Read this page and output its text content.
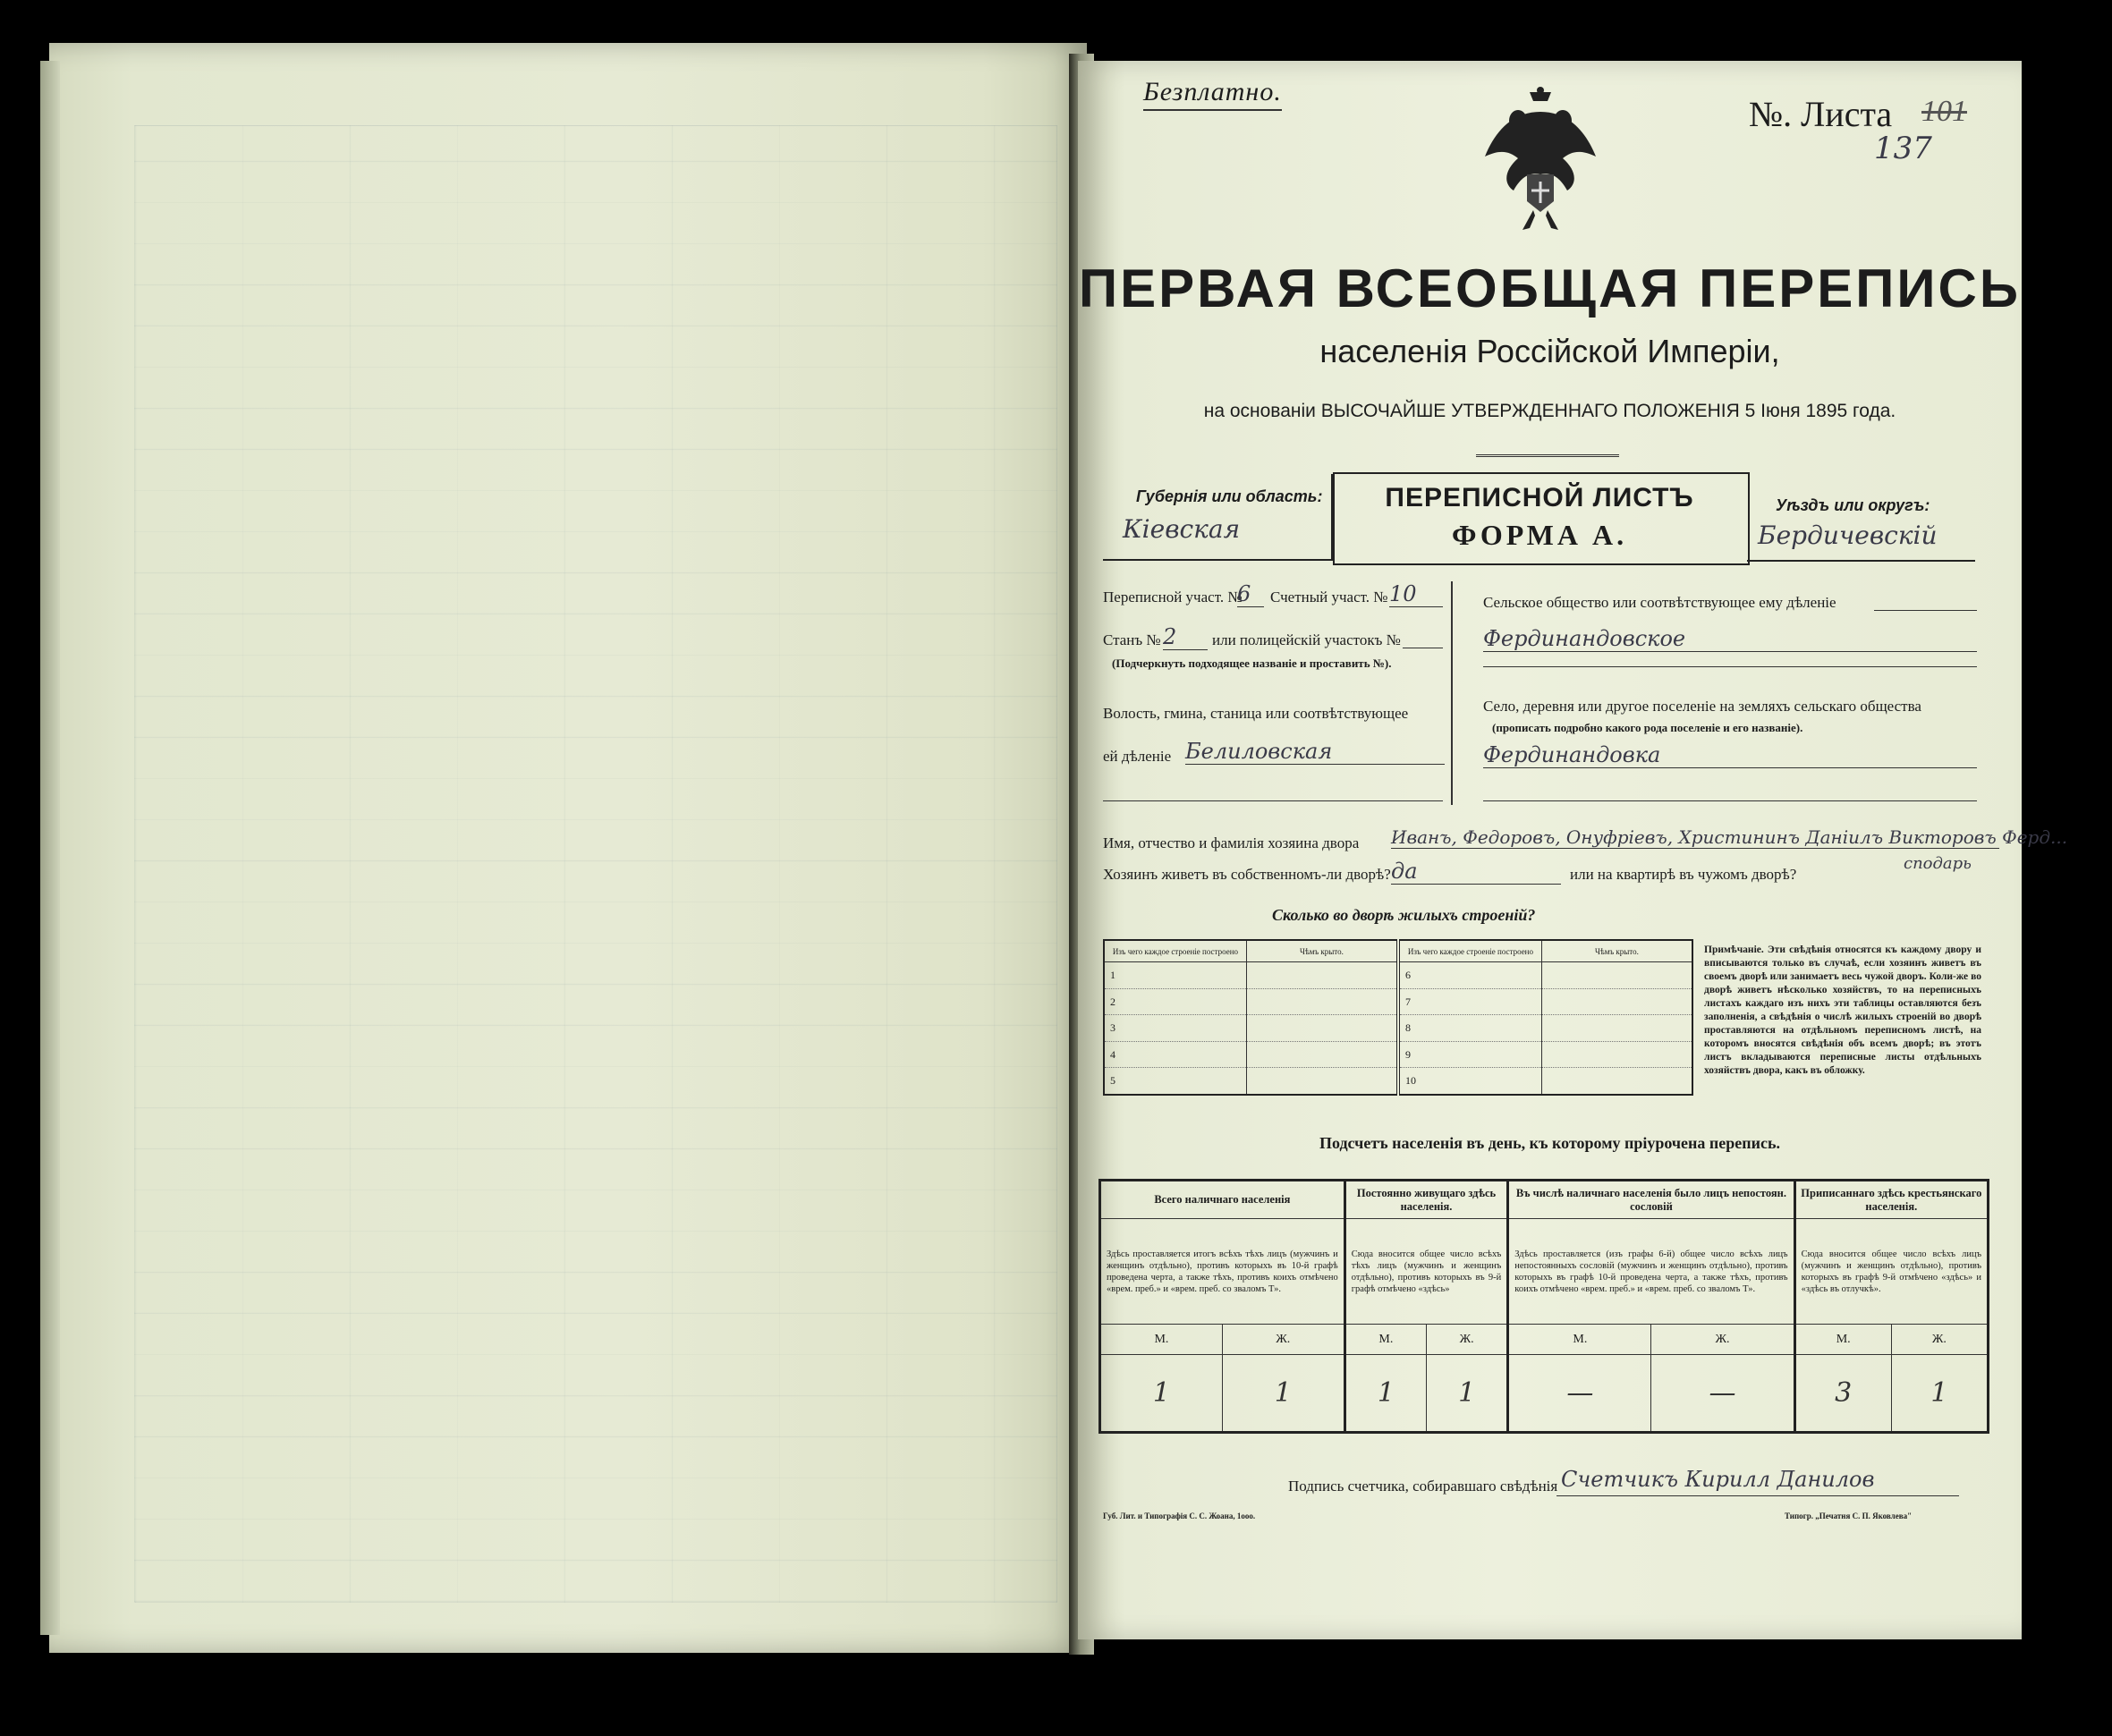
Безплатно.
№. Листа 101
137
ПЕРВАЯ ВСЕОБЩАЯ ПЕРЕПИСЬ
населенія Россійской Имперіи,
на основаніи ВЫСОЧАЙШЕ УТВЕРЖДЕННАГО ПОЛОЖЕНІЯ 5 Іюня 1895 года.
Губернія или область:
Кіевская
ПЕРЕПИСНОЙ ЛИСТЪ
ФОРМА А.
Уѣздъ или округъ:
Бердичевскій
Переписной участ. №
6	Счетный участ. № 10
Станъ № 2	или полицейскій участокъ №
(Подчеркнуть подходящее названіе и проставить №).
Волость, гмина, станица или соотвѣтствующее
ей дѣленіе Белиловская
Сельское общество или соотвѣтствующее ему дѣленіе
Фердинандовское
Село, деревня или другое поселеніе на земляхъ сельскаго общества
(прописать подробно какого рода поселеніе и его названіе).
Фердинандовка
Имя, отчество и фамилія хозяина двора Иванъ, Федоровъ, Онуфріевъ, Христининъ Даніилъ Викторовъ Ферд...
сподарь
Хозяинъ живетъ въ собственномъ-ли дворѣ? да	или на квартирѣ въ чужомъ дворѣ?
Сколько во дворѣ жилыхъ строеній?
Изъ чего каждое строеніе построено	Чѣмъ крыто.	Изъ чего каждое строеніе построено	Чѣмъ крыто.
1		6	
2		7	
3		8	
4		9	
5		10	
Примѣчаніе. Эти свѣдѣнія относятся къ каждому двору и вписываются только въ случаѣ, если хозяинъ живетъ въ своемъ дворѣ или занимаетъ весь чужой дворъ. Коли-же во дворѣ живетъ нѣсколько хозяйствъ, то на переписныхъ листахъ каждаго изъ нихъ эти таблицы оставляются безъ заполненія, а свѣдѣнія о числѣ жилыхъ строеній во дворѣ проставляются на отдѣльномъ переписномъ листѣ, на которомъ вносятся свѣдѣнія объ всемъ дворѣ; въ этотъ листъ вкладываются переписные листы отдѣльныхъ хозяйствъ двора, какъ въ обложку.
Подсчетъ населенія въ день, къ которому пріурочена перепись.
Всего наличнаго населенія		Постоянно живущаго здѣсь населенія.		Въ числѣ наличнаго населенія было лицъ непостоян. сословій		Приписаннаго здѣсь крестьянскаго населенія.	
Здѣсь проставляется итогъ всѣхъ тѣхъ лицъ (мужчинъ и женщинъ отдѣльно), противъ которыхъ въ 10-й графѣ проведена черта, а также тѣхъ, противъ коихъ отмѣчено «врем. преб.» и «врем. преб. со зваломъ Т».		Сюда вносится общее число всѣхъ тѣхъ лицъ (мужчинъ и женщинъ отдѣльно), противъ которыхъ въ 9-й графѣ отмѣчено «здѣсь»		Здѣсь проставляется (изъ графы 6-й) общее число всѣхъ лицъ непостоянныхъ сословій (мужчинъ и женщинъ отдѣльно), противъ которыхъ въ графѣ 10-й проведена черта, а также тѣхъ, противъ коихъ отмѣчено «врем. преб.» и «врем. преб. со зваломъ Т».		Сюда вносится общее число всѣхъ лицъ (мужчинъ и женщинъ отдѣльно), противъ которыхъ въ графѣ 9-й отмѣчено «здѣсь» и «здѣсь въ отлучкѣ».	
М.	Ж.	М.	Ж.	М.	Ж.	М.	Ж.
1	1	1	1	—	—	3	1
Подпись счетчика, собиравшаго свѣдѣнія Счетчикъ Кирилл Данилов
Губ. Лит. и Типографія С. С. Жоана, 1ооо.	Типогр. „Печатня С. П. Яковлева"
